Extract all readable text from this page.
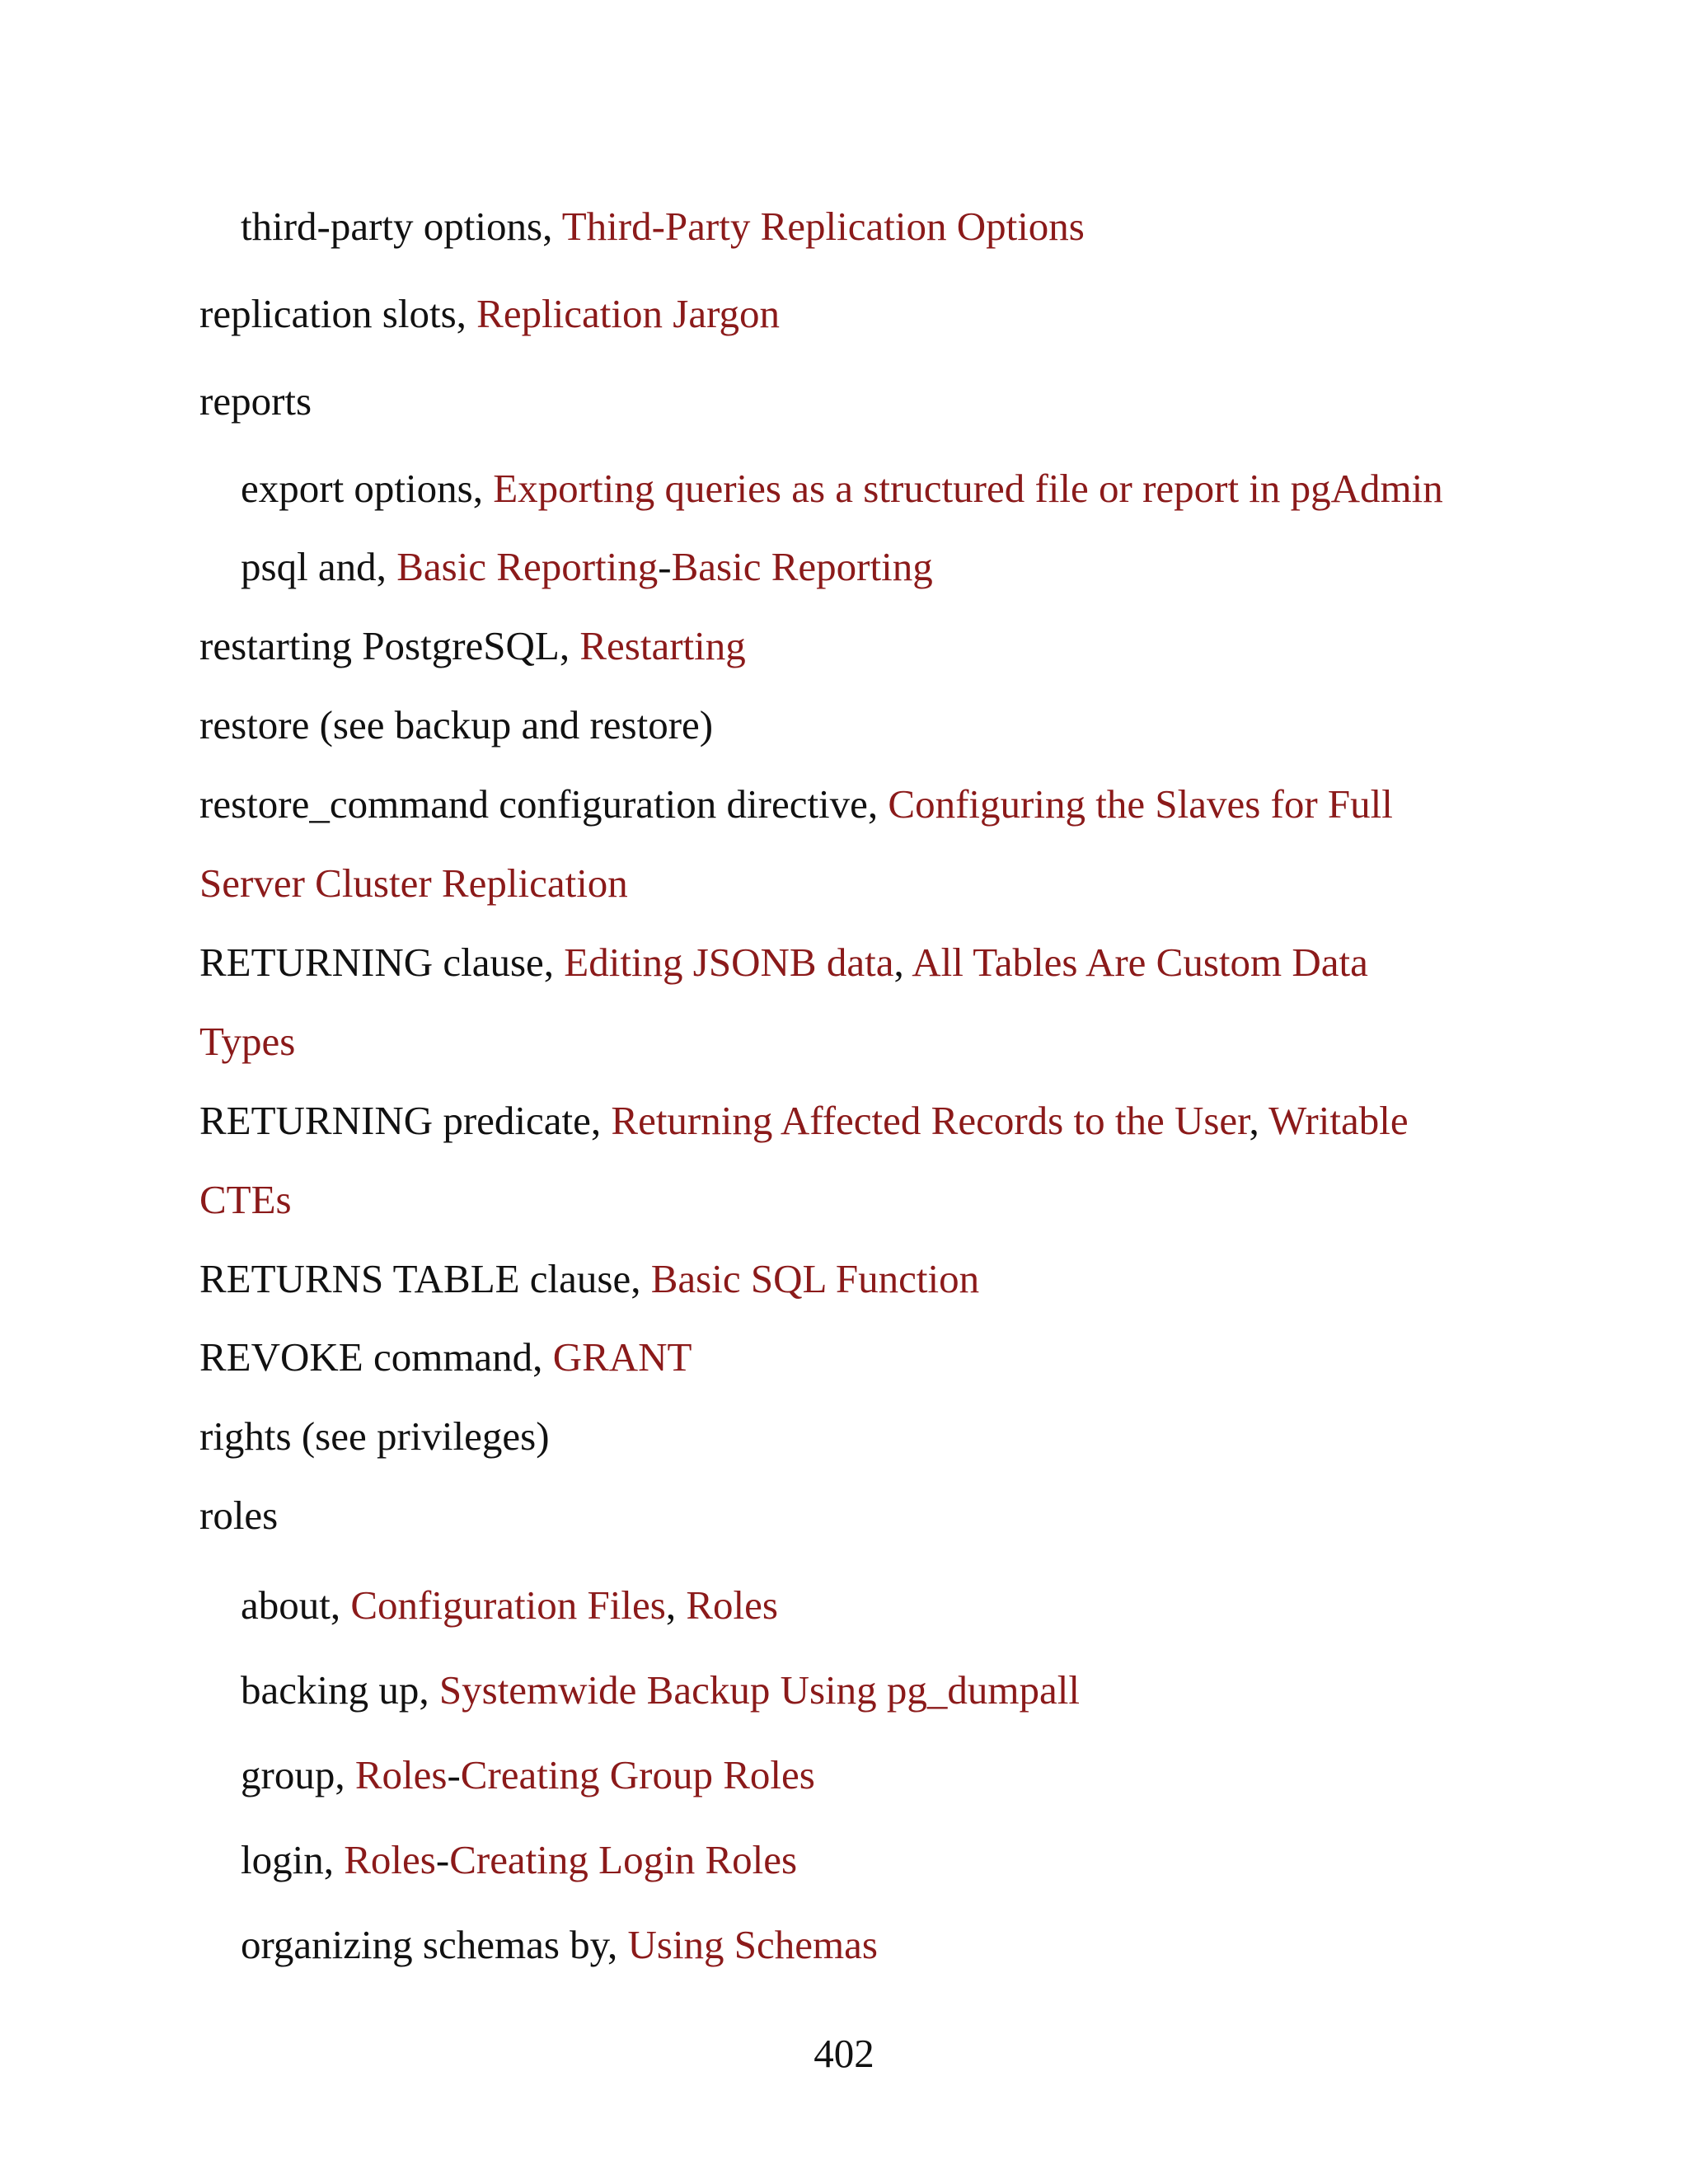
third-party options, Third-Party Replication Options
replication slots, Replication Jargon
reports
export options, Exporting queries as a structured file or report in pgAdmin
psql and, Basic Reporting-Basic Reporting
restarting PostgreSQL, Restarting
restore (see backup and restore)
restore_command configuration directive, Configuring the Slaves for Full
Server Cluster Replication
RETURNING clause, Editing JSONB data, All Tables Are Custom Data
Types
RETURNING predicate, Returning Affected Records to the User, Writable
CTEs
RETURNS TABLE clause, Basic SQL Function
REVOKE command, GRANT
rights (see privileges)
roles
about, Configuration Files, Roles
backing up, Systemwide Backup Using pg_dumpall
group, Roles-Creating Group Roles
login, Roles-Creating Login Roles
organizing schemas by, Using Schemas
402
